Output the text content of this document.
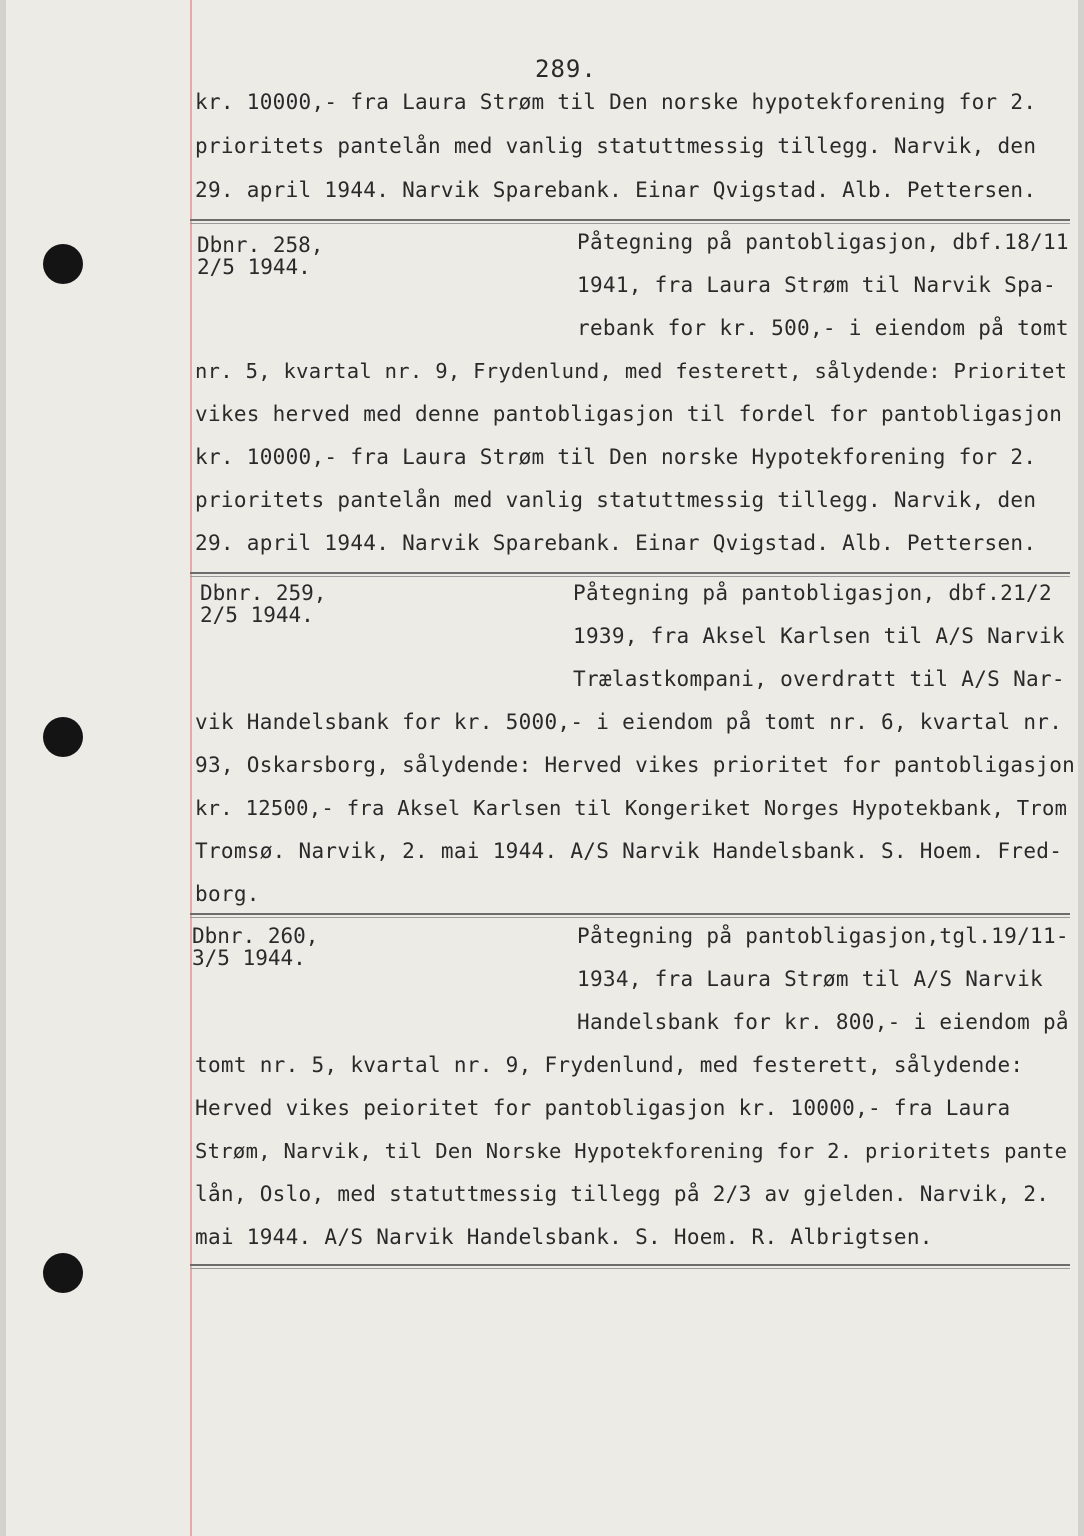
289.
kr. 10000,- fra Laura Strøm til Den norske hypotekforening for 2.
prioritets pantelån med vanlig statuttmessig tillegg. Narvik, den
29. april 1944. Narvik Sparebank. Einar Qvigstad. Alb. Pettersen.
Dbnr. 258,
2/5 1944.
Påtegning på pantobligasjon, dbf.18/11
1941, fra Laura Strøm til Narvik Spa-
rebank for kr. 500,- i eiendom på tomt
nr. 5, kvartal nr. 9, Frydenlund, med festerett, sålydende: Prioritet
vikes herved med denne pantobligasjon til fordel for pantobligasjon
kr. 10000,- fra Laura Strøm til Den norske Hypotekforening for 2.
prioritets pantelån med vanlig statuttmessig tillegg. Narvik, den
29. april 1944. Narvik Sparebank. Einar Qvigstad. Alb. Pettersen.
Dbnr. 259,
2/5 1944.
Påtegning på pantobligasjon, dbf.21/2
1939, fra Aksel Karlsen til A/S Narvik
Trælastkompani, overdratt til A/S Nar-
vik Handelsbank for kr. 5000,- i eiendom på tomt nr. 6, kvartal nr.
93, Oskarsborg, sålydende: Herved vikes prioritet for pantobligasjon
kr. 12500,- fra Aksel Karlsen til Kongeriket Norges Hypotekbank, Trom
Tromsø. Narvik, 2. mai 1944. A/S Narvik Handelsbank. S. Hoem. Fred-
borg.
Dbnr. 260,
3/5 1944.
Påtegning på pantobligasjon,tgl.19/11-
1934, fra Laura Strøm til A/S Narvik
Handelsbank for kr. 800,- i eiendom på
tomt nr. 5, kvartal nr. 9, Frydenlund, med festerett, sålydende:
Herved vikes peioritet for pantobligasjon kr. 10000,- fra Laura
Strøm, Narvik, til Den Norske Hypotekforening for 2. prioritets pante
lån, Oslo, med statuttmessig tillegg på 2/3 av gjelden. Narvik, 2.
mai 1944. A/S Narvik Handelsbank. S. Hoem. R. Albrigtsen.
